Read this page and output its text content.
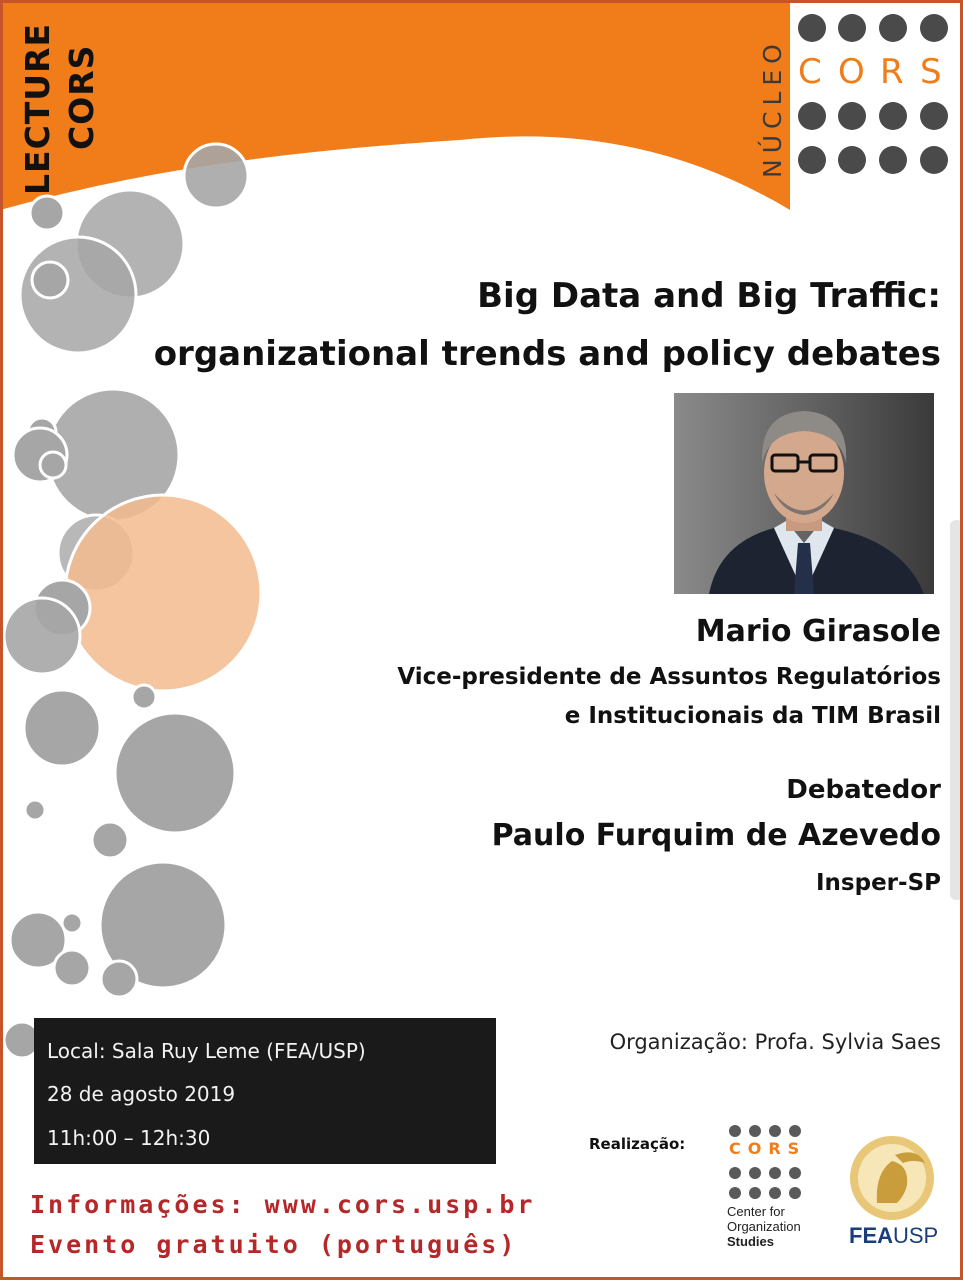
LECTURE CORS	NÚCLEO C O R S
Big Data and Big Traffic:
organizational trends and policy debates
Mario Girasole
Vice-presidente de Assuntos Regulatórios
e Institucionais da TIM Brasil
Debatedor
Paulo Furquim de Azevedo
Insper-SP
Local: Sala Ruy Leme (FEA/USP)
28 de agosto 2019
11h:00 – 12h:30
Organização: Profa. Sylvia Saes
Realização:	CORS
Center for
Organization
Studies	FEAUSP
Informações: www.cors.usp.br
Evento gratuito (português)
